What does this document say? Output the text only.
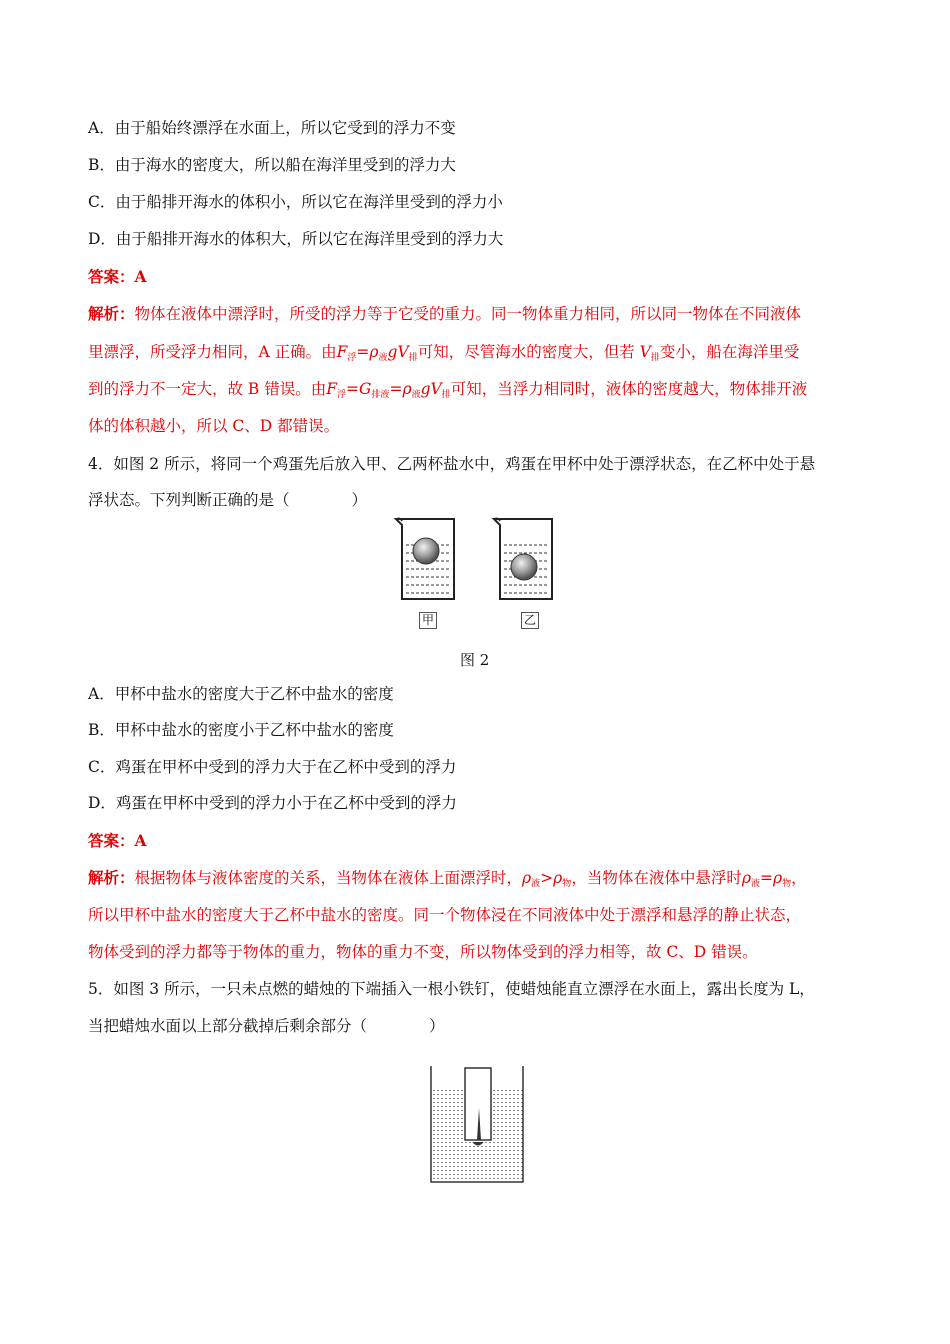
A．由于船始终漂浮在水面上，所以它受到的浮力不变
B．由于海水的密度大，所以船在海洋里受到的浮力大
C．由于船排开海水的体积小，所以它在海洋里受到的浮力小
D．由于船排开海水的体积大，所以它在海洋里受到的浮力大
答案：A
解析：物体在液体中漂浮时，所受的浮力等于它受的重力。同一物体重力相同，所以同一物体在不同液体
里漂浮，所受浮力相同，A 正确。由$F_浮=\rho_液gV_排$可知，尽管海水的密度大，但若 $V_排$变小，船在海洋里受
到的浮力不一定大，故 B 错误。由$F_浮=G_{排液}=\rho_液gV_排$可知，当浮力相同时，液体的密度越大，物体排开液
体的体积越小，所以 C、D 都错误。
4．如图 2 所示，将同一个鸡蛋先后放入甲、乙两杯盐水中，鸡蛋在甲杯中处于漂浮状态，在乙杯中处于悬
浮状态。下列判断正确的是（　　　　）
甲	乙
图 2
A．甲杯中盐水的密度大于乙杯中盐水的密度
B．甲杯中盐水的密度小于乙杯中盐水的密度
C．鸡蛋在甲杯中受到的浮力大于在乙杯中受到的浮力
D．鸡蛋在甲杯中受到的浮力小于在乙杯中受到的浮力
答案：A
解析：根据物体与液体密度的关系，当物体在液体上面漂浮时，$\rho_液>\rho_物$，当物体在液体中悬浮时$\rho_液=\rho_物$，
所以甲杯中盐水的密度大于乙杯中盐水的密度。同一个物体浸在不同液体中处于漂浮和悬浮的静止状态，
物体受到的浮力都等于物体的重力，物体的重力不变，所以物体受到的浮力相等，故 C、D 错误。
5．如图 3 所示，一只未点燃的蜡烛的下端插入一根小铁钉，使蜡烛能直立漂浮在水面上，露出长度为 L，
当把蜡烛水面以上部分截掉后剩余部分（　　　　）
